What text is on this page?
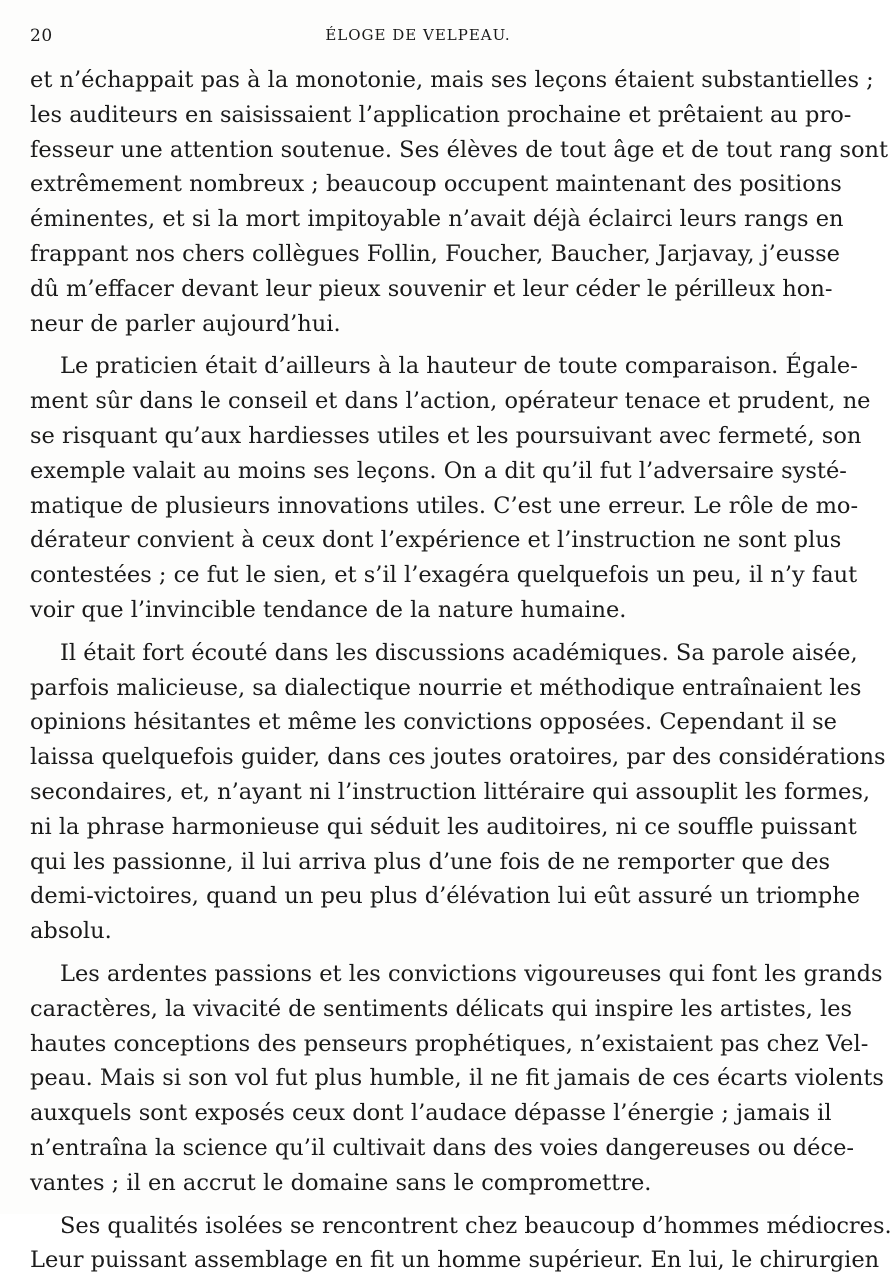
20	ÉLOGE DE VELPEAU.
et n’échappait pas à la monotonie, mais ses leçons étaient substantielles ;
les auditeurs en saisissaient l’application prochaine et prêtaient au pro-
fesseur une attention soutenue. Ses élèves de tout âge et de tout rang sont
extrêmement nombreux ; beaucoup occupent maintenant des positions
éminentes, et si la mort impitoyable n’avait déjà éclairci leurs rangs en
frappant nos chers collègues Follin, Foucher, Baucher, Jarjavay, j’eusse
dû m’effacer devant leur pieux souvenir et leur céder le périlleux hon-
neur de parler aujourd’hui.
Le praticien était d’ailleurs à la hauteur de toute comparaison. Égale-
ment sûr dans le conseil et dans l’action, opérateur tenace et prudent, ne
se risquant qu’aux hardiesses utiles et les poursuivant avec fermeté, son
exemple valait au moins ses leçons. On a dit qu’il fut l’adversaire systé-
matique de plusieurs innovations utiles. C’est une erreur. Le rôle de mo-
dérateur convient à ceux dont l’expérience et l’instruction ne sont plus
contestées ; ce fut le sien, et s’il l’exagéra quelquefois un peu, il n’y faut
voir que l’invincible tendance de la nature humaine.
Il était fort écouté dans les discussions académiques. Sa parole aisée,
parfois malicieuse, sa dialectique nourrie et méthodique entraînaient les
opinions hésitantes et même les convictions opposées. Cependant il se
laissa quelquefois guider, dans ces joutes oratoires, par des considérations
secondaires, et, n’ayant ni l’instruction littéraire qui assouplit les formes,
ni la phrase harmonieuse qui séduit les auditoires, ni ce souffle puissant
qui les passionne, il lui arriva plus d’une fois de ne remporter que des
demi-victoires, quand un peu plus d’élévation lui eût assuré un triomphe
absolu.
Les ardentes passions et les convictions vigoureuses qui font les grands
caractères, la vivacité de sentiments délicats qui inspire les artistes, les
hautes conceptions des penseurs prophétiques, n’existaient pas chez Vel-
peau. Mais si son vol fut plus humble, il ne fit jamais de ces écarts violents
auxquels sont exposés ceux dont l’audace dépasse l’énergie ; jamais il
n’entraîna la science qu’il cultivait dans des voies dangereuses ou déce-
vantes ; il en accrut le domaine sans le compromettre.
Ses qualités isolées se rencontrent chez beaucoup d’hommes médiocres.
Leur puissant assemblage en fit un homme supérieur. En lui, le chirurgien
